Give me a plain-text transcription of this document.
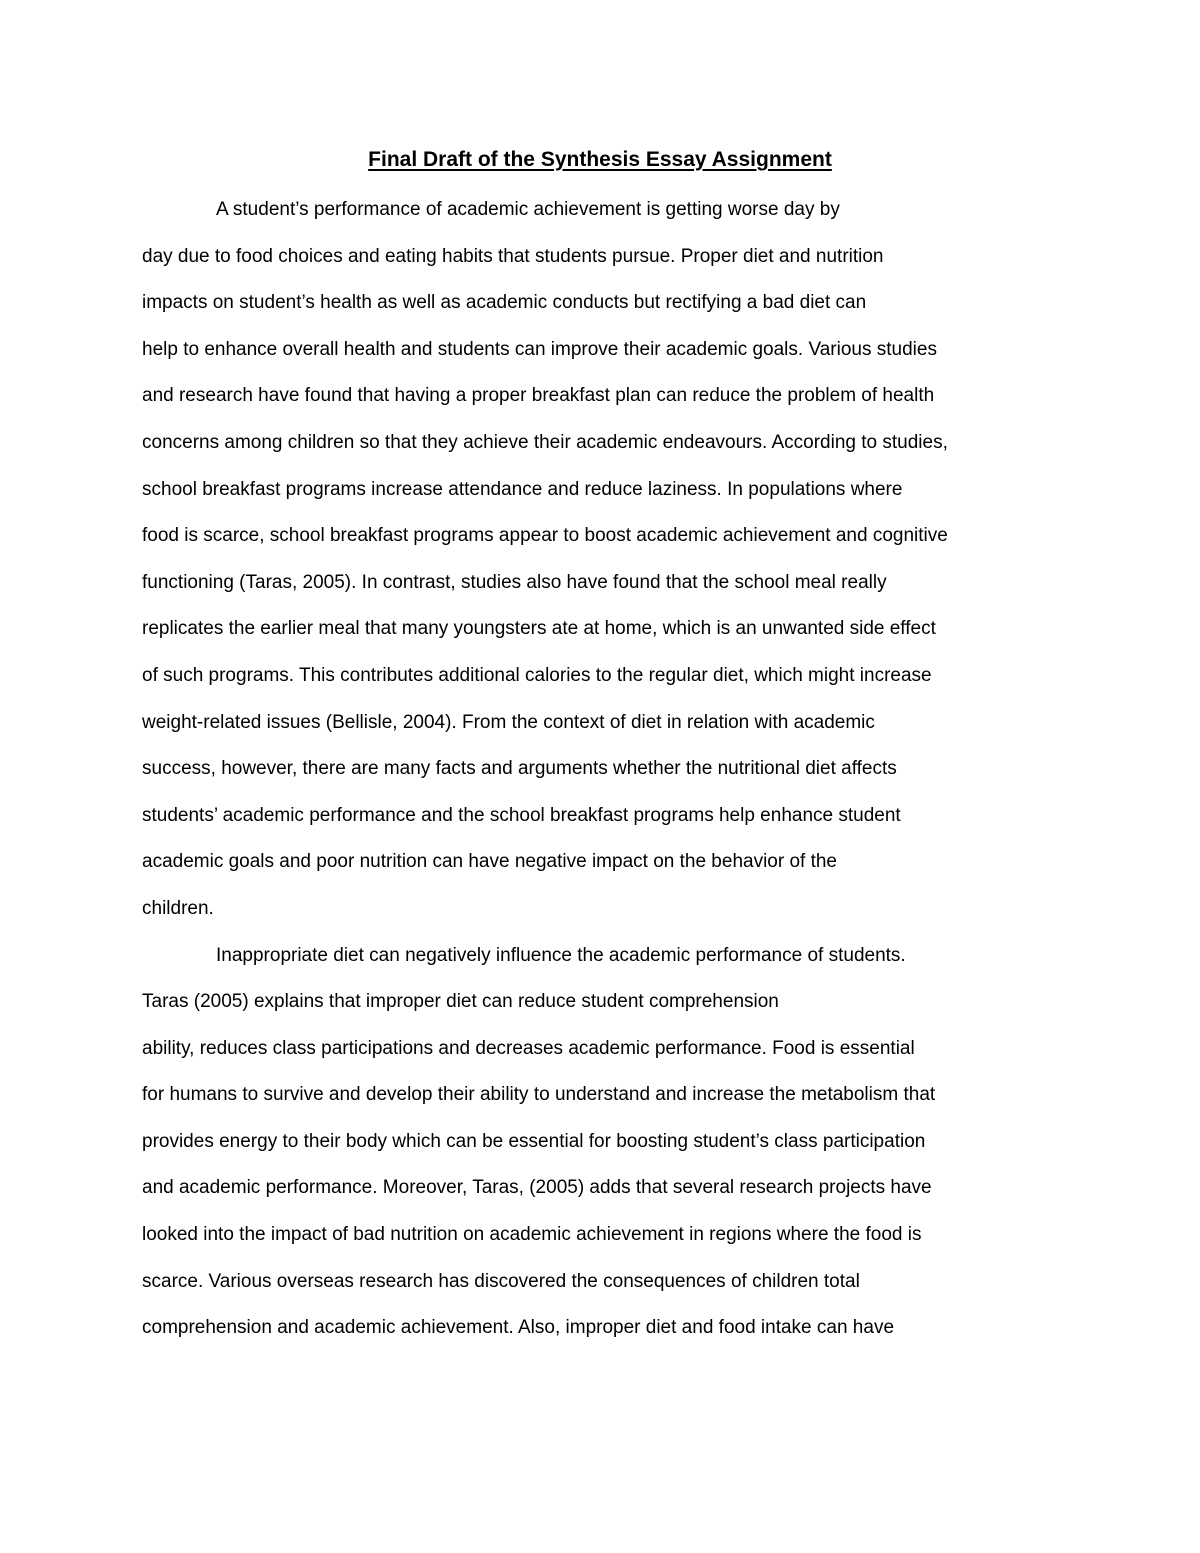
Final Draft of the Synthesis Essay Assignment
A student’s performance of academic achievement is getting worse day by
day due to food choices and eating habits that students pursue. Proper diet and nutrition
impacts on student’s health as well as academic conducts but rectifying a bad diet can
help to enhance overall health and students can improve their academic goals. Various studies
and research have found that having a proper breakfast plan can reduce the problem of health
concerns among children so that they achieve their academic endeavours. According to studies,
school breakfast programs increase attendance and reduce laziness. In populations where
food is scarce, school breakfast programs appear to boost academic achievement and cognitive
functioning (Taras, 2005). In contrast, studies also have found that the school meal really
replicates the earlier meal that many youngsters ate at home, which is an unwanted side effect
of such programs. This contributes additional calories to the regular diet, which might increase
weight-related issues (Bellisle, 2004). From the context of diet in relation with academic
success, however, there are many facts and arguments whether the nutritional diet affects
students’ academic performance and the school breakfast programs help enhance student
academic goals and poor nutrition can have negative impact on the behavior of the
children.
Inappropriate diet can negatively influence the academic performance of students.
Taras (2005) explains that improper diet can reduce student comprehension
ability, reduces class participations and decreases academic performance. Food is essential
for humans to survive and develop their ability to understand and increase the metabolism that
provides energy to their body which can be essential for boosting student’s class participation
and academic performance. Moreover, Taras, (2005) adds that several research projects have
looked into the impact of bad nutrition on academic achievement in regions where the food is
scarce. Various overseas research has discovered the consequences of children total
comprehension and academic achievement. Also, improper diet and food intake can have
